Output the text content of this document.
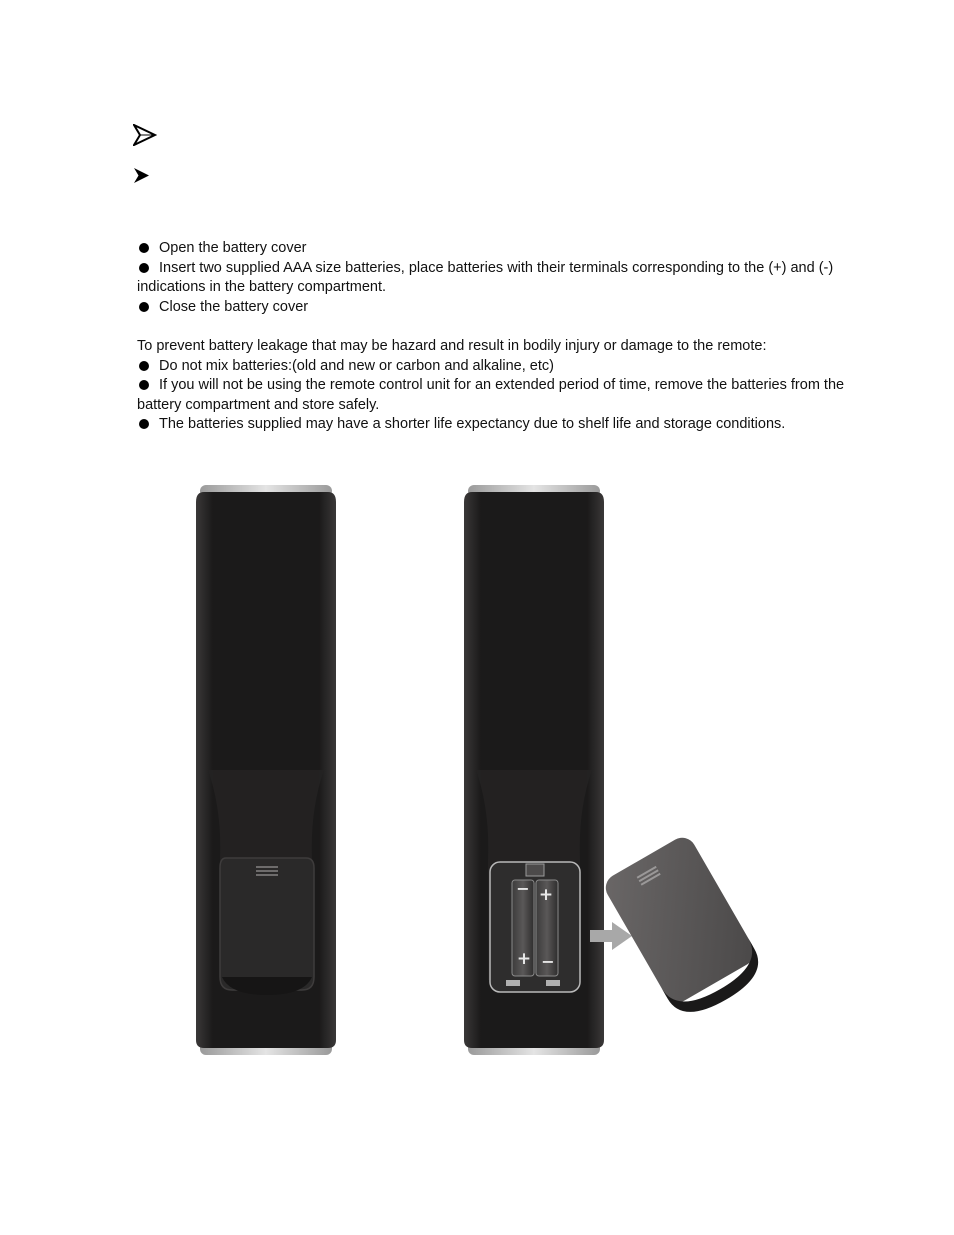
Open the battery cover

Insert two supplied AAA size batteries, place batteries with their terminals corresponding to the (+) and (-) indications in the battery compartment.

Close the battery cover

To prevent battery leakage that may be hazard and result in bodily injury or damage to the remote:

Do not mix batteries:(old and new or carbon and alkaline, etc)

If you will not be using the remote control unit for an extended period of time, remove the batteries from the battery compartment and store safely.

The batteries supplied may have a shorter life expectancy due to shelf life and storage conditions.

− +
+ −
